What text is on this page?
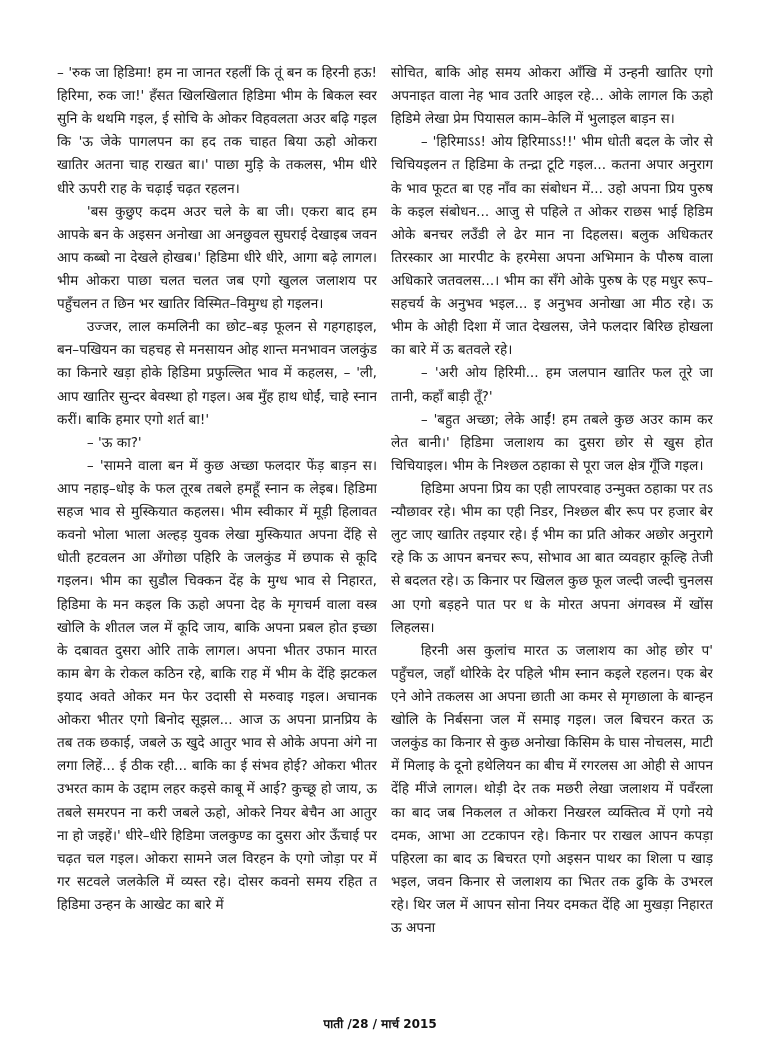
– 'रुक जा हिडिमा! हम ना जानत रहलीं कि तूं बन क हिरनी हऊ! हिरिमा, रुक जा!' हँसत खिलखिलात हिडिमा भीम के बिकल स्वर सुनि के थथमि गइल, ई सोचि के ओकर विहवलता अउर बढ़ि गइल कि 'ऊ जेके पागलपन का हद तक चाहत बिया ऊहो ओकरा खातिर अतना चाह राखत बा।' पाछा मुड़ि के तकलस, भीम धीरे धीरे ऊपरी राह के चढ़ाई चढ़त रहलन।

'बस कुछुए कदम अउर चले के बा जी। एकरा बाद हम आपके बन के अइसन अनोखा आ अनछुवल सुघराई देखाइब जवन आप कब्बो ना देखले होखब।' हिडिमा धीरे धीरे, आगा बढ़े लागल। भीम ओकरा पाछा चलत चलत जब एगो खुलल जलाशय पर पहुँचलन त छिन भर खातिर विस्मित–विमुग्ध हो गइलन।

उज्जर, लाल कमलिनी का छोट–बड़ फूलन से गहगहाइल, बन–पखियन का चहचह से मनसायन ओह शान्त मनभावन जलकुंड का किनारे खड़ा होके हिडिमा प्रफुल्लित भाव में कहलस, – 'ली, आप खातिर सुन्दर बेवस्था हो गइल। अब मुँह हाथ धोईं, चाहे स्नान करीं। बाकि हमार एगो शर्त बा!'

– 'ऊ का?'

– 'सामने वाला बन में कुछ अच्छा फलदार फेंड़ बाड़न स। आप नहाइ–धोइ के फल तूरब तबले हमहूँ स्नान क लेइब। हिडिमा सहज भाव से मुस्कियात कहलस। भीम स्वीकार में मूड़ी हिलावत कवनो भोला भाला अल्हड़ युवक लेखा मुस्कियात अपना देंहि से धोती हटवलन आ अँगोछा पहिरि के जलकुंड में छपाक से कूदि गइलन। भीम का सुडौल चिक्कन देंह के मुग्ध भाव से निहारत, हिडिमा के मन कइल कि ऊहो अपना देह के मृगचर्म वाला वस्त्र खोलि के शीतल जल में कूदि जाय, बाकि अपना प्रबल होत इच्छा के दबावत दुसरा ओरि ताके लागल। अपना भीतर उफान मारत काम बेग के रोकल कठिन रहे, बाकि राह में भीम के देंहि झटकल इयाद अवते ओकर मन फेर उदासी से मरुवाइ गइल। अचानक ओकरा भीतर एगो बिनोद सूझल... आज ऊ अपना प्रानप्रिय के तब तक छकाई, जबले ऊ खुदे आतुर भाव से ओके अपना अंगे ना लगा लिहें... ई ठीक रही... बाकि का ई संभव होई? ओकरा भीतर उभरत काम के उद्दाम लहर कइसे काबू में आई? कुच्छू हो जाय, ऊ तबले समरपन ना करी जबले ऊहो, ओकरे नियर बेचैन आ आतुर ना हो जइहें।' धीरे–धीरे हिडिमा जलकुण्ड का दुसरा ओर ऊँचाई पर चढ़त चल गइल। ओकरा सामने जल विरहन के एगो जोड़ा पर में गर सटवले जलकेलि में व्यस्त रहे। दोसर कवनो समय रहित त हिडिमा उन्हन के आखेट का बारे में

सोचित, बाकि ओह समय ओकरा आँखि में उन्हनी खातिर एगो अपनाइत वाला नेह भाव उतरि आइल रहे... ओके लागल कि ऊहो हिडिमे लेखा प्रेम पियासल काम–केलि में भुलाइल बाड़न स।

– 'हिरिमाऽऽ! ओय हिरिमाऽऽ!!' भीम धोती बदल के जोर से चिचियइलन त हिडिमा के तन्द्रा टूटि गइल... कतना अपार अनुराग के भाव फूटत बा एह नाँव का संबोधन में... उहो अपना प्रिय पुरुष के कइल संबोधन... आजु से पहिले त ओकर राछस भाई हिडिम ओके बनचर लउँडी ले ढेर मान ना दिहलस। बलुक अधिकतर तिरस्कार आ मारपीट के हरमेसा अपना अभिमान के पौरुष वाला अधिकारे जतवलस...। भीम का सँगे ओके पुरुष के एह मधुर रूप–सहचर्य के अनुभव भइल... इ अनुभव अनोखा आ मीठ रहे। ऊ भीम के ओही दिशा में जात देखलस, जेने फलदार बिरिछ होखला का बारे में ऊ बतवले रहे।

– 'अरी ओय हिरिमी... हम जलपान खातिर फल तूरे जा तानी, कहाँ बाड़ी तूँ?'

– 'बहुत अच्छा; लेके आईं! हम तबले कुछ अउर काम कर लेत बानी।' हिडिमा जलाशय का दुसरा छोर से खुस होत चिचियाइल। भीम के निश्छल ठहाका से पूरा जल क्षेत्र गूँजि गइल।

हिडिमा अपना प्रिय का एही लापरवाह उन्मुक्त ठहाका पर तऽ न्यौछावर रहे। भीम का एही निडर, निश्छल बीर रूप पर हजार बेर लुट जाए खातिर तइयार रहे। ई भीम का प्रति ओकर अछोर अनुरागे रहे कि ऊ आपन बनचर रूप, सोभाव आ बात व्यवहार कूल्हि तेजी से बदलत रहे। ऊ किनार पर खिलल कुछ फूल जल्दी जल्दी चुनलस आ एगो बड़हने पात पर ध के मोरत अपना अंगवस्त्र में खोंस लिहलस।

हिरनी अस कुलांच मारत ऊ जलाशय का ओह छोर प' पहुँचल, जहाँ थोरिके देर पहिले भीम स्नान कइले रहलन। एक बेर एने ओने तकलस आ अपना छाती आ कमर से मृगछाला के बान्हन खोलि के निर्बसना जल में समाइ गइल। जल बिचरन करत ऊ जलकुंड का किनार से कुछ अनोखा किसिम के घास नोचलस, माटी में मिलाइ के दूनो हथेलियन का बीच में रगरलस आ ओही से आपन देंहि मींजे लागल। थोड़ी देर तक मछरी लेखा जलाशय में पवँरला का बाद जब निकलल त ओकरा निखरल व्यक्तित्व में एगो नये दमक, आभा आ टटकापन रहे। किनार पर राखल आपन कपड़ा पहिरला का बाद ऊ बिचरत एगो अइसन पाथर का शिला प खाड़ भइल, जवन किनार से जलाशय का भितर तक ढुकि के उभरल रहे। थिर जल में आपन सोना नियर दमकत देंहि आ मुखड़ा निहारत ऊ अपना

पाती /28 / मार्च 2015
